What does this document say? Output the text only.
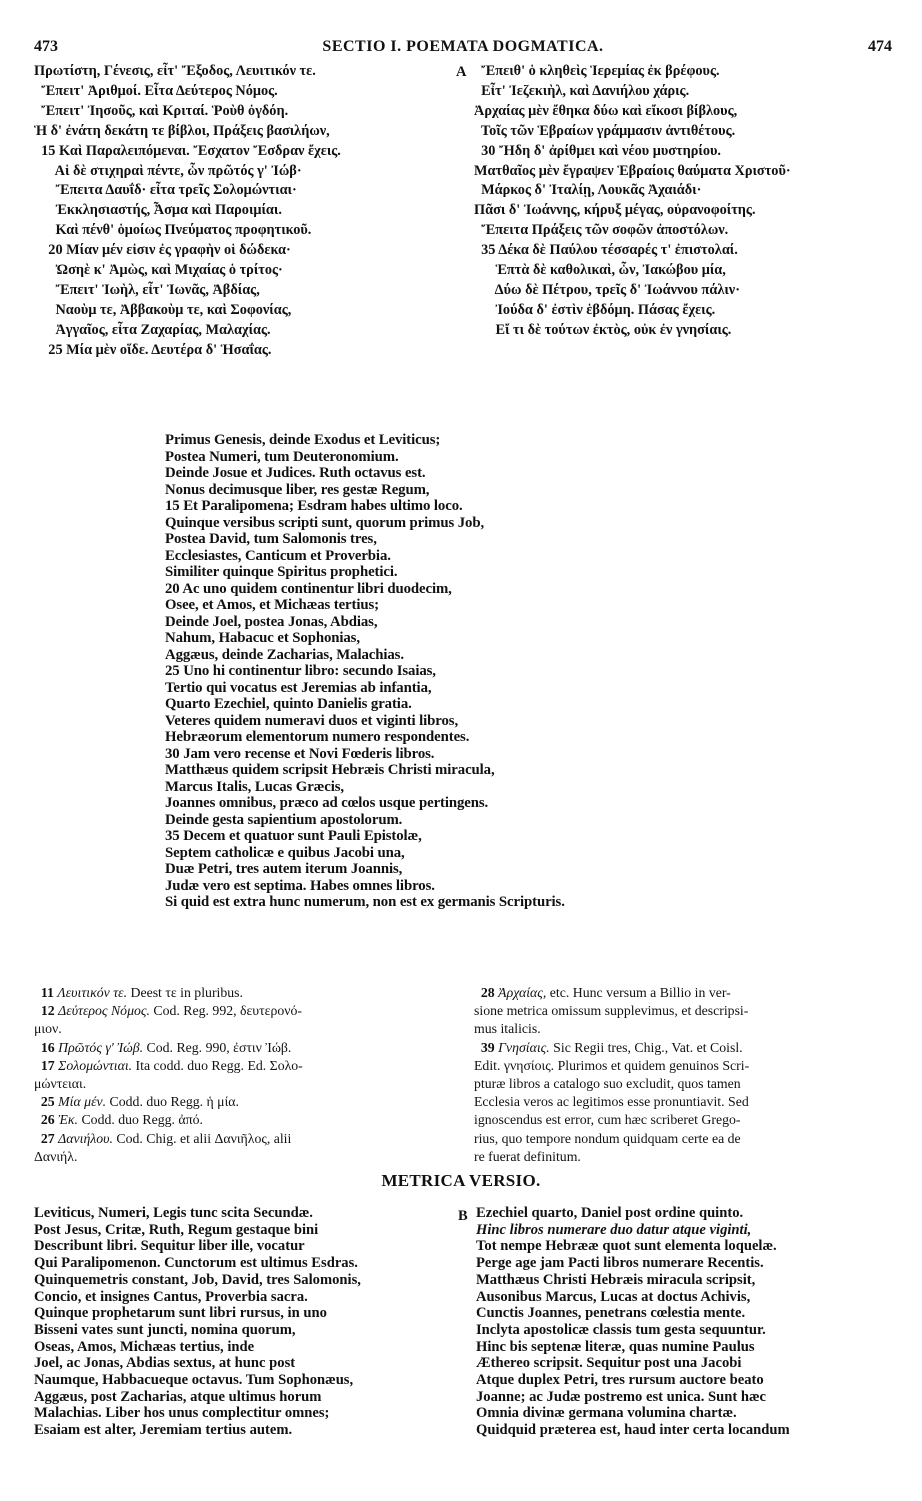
473	SECTIO I. POEMATA DOGMATICA.	474
Πρωτίστη, Γένεσις, εἶτ' Ἔξοδος, Λευιτικόν τε.
Ἔπειτ' Ἀριθμοί. Εἶτα Δεύτερος Νόμος.
Ἔπειτ' Ἰησοῦς, καὶ Κριταί. Ῥοὺθ ὀγδόη.
Ἡ δ' ἐνάτη δεκάτη τε βίβλοι, Πράξεις βασιλήων,
15 Καὶ Παραλειπόμεναι. Ἔσχατον Ἔσδραν ἔχεις.
Αἱ δὲ στιχηραὶ πέντε, ὧν πρῶτός γ' Ἰώβ·
Ἔπειτα Δαυΐδ· εἶτα τρεῖς Σολομώντιαι·
Ἐκκλησιαστής, Ἆσμα καὶ Παροιμίαι.
Καὶ πένθ' ὁμοίως Πνεύματος προφητικοῦ.
20 Μίαν μέν εἰσιν ἐς γραφὴν οἱ δώδεκα·
Ὠσηὲ κ' Ἀμὼς, καὶ Μιχαίας ὁ τρίτος·
Ἔπειτ' Ἰωὴλ, εἶτ' Ἰωνᾶς, Ἀβδίας,
Ναοὺμ τε, Ἀββακοὺμ τε, καὶ Σοφονίας,
Ἀγγαῖος, εἶτα Ζαχαρίας, Μαλαχίας.
25 Μία μὲν οἵδε. Δευτέρα δ' Ἡσαΐας.
A Ἔπειθ' ὁ κληθεὶς Ἱερεμίας ἐκ βρέφους.
Εἶτ' Ἰεζεκιὴλ, καὶ Δανιήλου χάρις.
Ἀρχαίας μὲν ἔθηκα δύω καὶ εἴκοσι βίβλους,
Τοῖς τῶν Ἑβραίων γράμμασιν ἀντιθέτους.
30 Ἤδη δ' ἀρίθμει καὶ νέου μυστηρίου.
Ματθαῖος μὲν ἔγραψεν Ἑβραίοις θαύματα Χριστοῦ·
Μάρκος δ' Ἰταλίῃ, Λουκᾶς Ἀχαιάδι·
Πᾶσι δ' Ἰωάννης, κήρυξ μέγας, οὐρανοφοίτης.
Ἔπειτα Πράξεις τῶν σοφῶν ἀποστόλων.
35 Δέκα δὲ Παύλου τέσσαρές τ' ἐπιστολαί.
Ἑπτὰ δὲ καθολικαὶ, ὧν, Ἰακώβου μία,
Δύω δὲ Πέτρου, τρεῖς δ' Ἰωάννου πάλιν·
Ἰούδα δ' ἐστὶν ἑβδόμη. Πάσας ἔχεις.
Εἴ τι δὲ τούτων ἐκτὸς, οὐκ ἐν γνησίαις.
Primus Genesis, deinde Exodus et Leviticus;
Postea Numeri, tum Deuteronomium.
Deinde Josue et Judices. Ruth octavus est.
Nonus decimusque liber, res gestæ Regum,
15 Et Paralipomena; Esdram habes ultimo loco.
Quinque versibus scripti sunt, quorum primus Job,
Postea David, tum Salomonis tres,
Ecclesiastes, Canticum et Proverbia.
Similiter quinque Spiritus prophetici.
20 Ac uno quidem continentur libri duodecim,
Osee, et Amos, et Michæas tertius;
Deinde Joel, postea Jonas, Abdias,
Nahum, Habacuc et Sophonias,
Aggæus, deinde Zacharias, Malachias.
25 Uno hi continentur libro: secundo Isaias,
Tertio qui vocatus est Jeremias ab infantia,
Quarto Ezechiel, quinto Danielis gratia.
Veteres quidem numeravi duos et viginti libros,
Hebræorum elementorum numero respondentes.
30 Jam vero recense et Novi Fœderis libros.
Matthæus quidem scripsit Hebræis Christi miracula,
Marcus Italis, Lucas Græcis,
Joannes omnibus, præco ad cœlos usque pertingens.
Deinde gesta sapientium apostolorum.
35 Decem et quatuor sunt Pauli Epistolæ,
Septem catholicæ e quibus Jacobi una,
Duæ Petri, tres autem iterum Joannis,
Judæ vero est septima. Habes omnes libros.
Si quid est extra hunc numerum, non est ex germanis Scripturis.
11 Λευιτικόν τε. Deest τε in pluribus.
12 Δεύτερος Νόμος. Cod. Reg. 992, δευτερονό-
μιον.
16 Πρῶτός γ' Ἰώβ. Cod. Reg. 990, ἐστιν Ἰώβ.
17 Σολομώντιαι. Ita codd. duo Regg. Ed. Σολο-
μώντειαι.
25 Μία μέν. Codd. duo Regg. ἡ μία.
26 Ἐκ. Codd. duo Regg. ἀπό.
27 Δανιήλου. Cod. Chig. et alii Δανιῆλος, alii
Δανιήλ.
28 Ἀρχαίας, etc. Hunc versum a Billio in ver-
sione metrica omissum supplevimus, et descripsi-
mus italicis.
39 Γνησίαις. Sic Regii tres, Chig., Vat. et Coisl.
Edit. γνησίοις. Plurimos et quidem genuinos Scri-
pturæ libros a catalogo suo excludit, quos tamen
Ecclesia veros ac legitimos esse pronuntiavit. Sed
ignoscendus est error, cum hæc scriberet Grego-
rius, quo tempore nondum quidquam certe ea de
re fuerat definitum.
METRICA VERSIO.
Leviticus, Numeri, Legis tunc scita Secundæ.
Post Jesus, Critæ, Ruth, Regum gestaque bini
Describunt libri. Sequitur liber ille, vocatur
Qui Paralipomenon. Cunctorum est ultimus Esdras.
Quinquemetris constant, Job, David, tres Salomonis,
Concio, et insignes Cantus, Proverbia sacra.
Quinque prophetarum sunt libri rursus, in uno
Bisseni vates sunt juncti, nomina quorum,
Oseas, Amos, Michæas tertius, inde
Joel, ac Jonas, Abdias sextus, at hunc post
Naumque, Habbacueque octavus. Tum Sophonæus,
Aggæus, post Zacharias, atque ultimus horum
Malachias. Liber hos unus complectitur omnes;
Esaiam est alter, Jeremiam tertius autem.
B Ezechiel quarto, Daniel post ordine quinto.
Hinc libros numerare duo datur atque viginti,
Tot nempe Hebrææ quot sunt elementa loquelæ.
Perge age jam Pacti libros numerare Recentis.
Matthæus Christi Hebræis miracula scripsit,
Ausonibus Marcus, Lucas at doctus Achivis,
Cunctis Joannes, penetrans cœlestia mente.
Inclyta apostolicæ classis tum gesta sequuntur.
Hinc bis septenæ literæ, quas numine Paulus
Æthereo scripsit. Sequitur post una Jacobi
Atque duplex Petri, tres rursum auctore beato
Joanne; ac Judæ postremo est unica. Sunt hæc
Omnia divinæ germana volumina chartæ.
Quidquid præterea est, haud inter certa locandum
